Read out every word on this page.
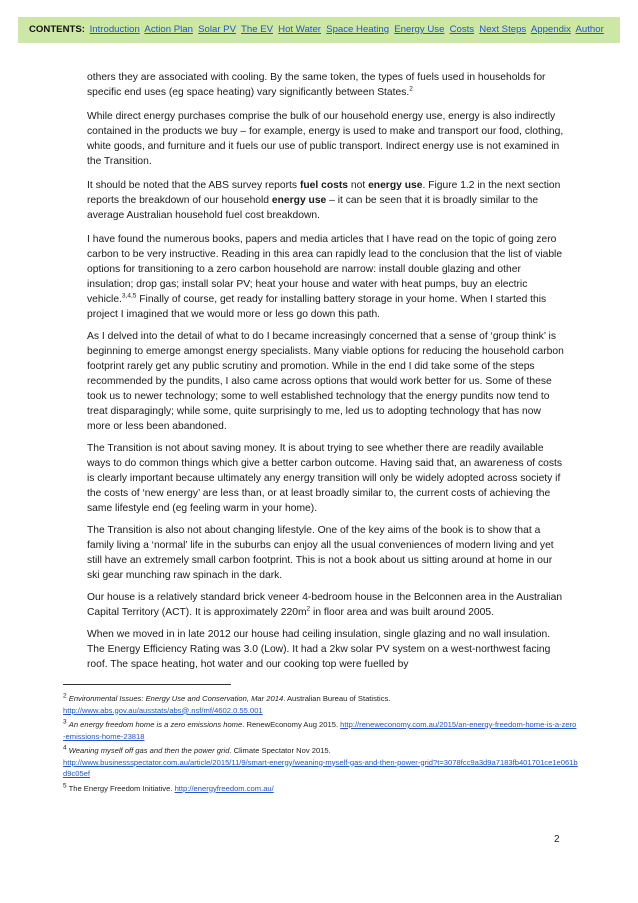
CONTENTS: Introduction Action Plan Solar PV The EV Hot Water Space Heating Energy Use Costs Next Steps Appendix Author

others they are associated with cooling. By the same token, the types of fuels used in households for specific end uses (eg space heating) vary significantly between States.$^2$

While direct energy purchases comprise the bulk of our household energy use, energy is also indirectly contained in the products we buy – for example, energy is used to make and transport our food, clothing, white goods, and furniture and it fuels our use of public transport. Indirect energy use is not examined in the Transition.

It should be noted that the ABS survey reports fuel costs not energy use. Figure 1.2 in the next section reports the breakdown of our household energy use – it can be seen that it is broadly similar to the average Australian household fuel cost breakdown.

I have found the numerous books, papers and media articles that I have read on the topic of going zero carbon to be very instructive. Reading in this area can rapidly lead to the conclusion that the list of viable options for transitioning to a zero carbon household are narrow: install double glazing and other insulation; drop gas; install solar PV; heat your house and water with heat pumps, buy an electric vehicle.$^{3,4,5}$ Finally of course, get ready for installing battery storage in your home. When I started this project I imagined that we would more or less go down this path.

As I delved into the detail of what to do I became increasingly concerned that a sense of ‘group think’ is beginning to emerge amongst energy specialists. Many viable options for reducing the household carbon footprint rarely get any public scrutiny and promotion. While in the end I did take some of the steps recommended by the pundits, I also came across options that would work better for us. Some of these took us to newer technology; some to well established technology that the energy pundits now tend to treat disparagingly; while some, quite surprisingly to me, led us to adopting technology that has now more or less been abandoned.

The Transition is not about saving money. It is about trying to see whether there are readily available ways to do common things which give a better carbon outcome. Having said that, an awareness of costs is clearly important because ultimately any energy transition will only be widely adopted across society if the costs of ‘new energy’ are less than, or at least broadly similar to, the current costs of achieving the same lifestyle end (eg feeling warm in your home).

The Transition is also not about changing lifestyle. One of the key aims of the book is to show that a family living a ‘normal’ life in the suburbs can enjoy all the usual conveniences of modern living and yet still have an extremely small carbon footprint. This is not a book about us sitting around at home in our ski gear munching raw spinach in the dark.

Our house is a relatively standard brick veneer 4-bedroom house in the Belconnen area in the Australian Capital Territory (ACT). It is approximately $220m^2$ in floor area and was built around 2005.

When we moved in in late 2012 our house had ceiling insulation, single glazing and no wall insulation. The Energy Efficiency Rating was 3.0 (Low). It had a 2kw solar PV system on a west-northwest facing roof. The space heating, hot water and our cooking top were fuelled by

$^2$ Environmental Issues: Energy Use and Conservation, Mar 2014. Australian Bureau of Statistics.
http://www.abs.gov.au/ausstats/abs@.nsf/mf/4602.0.55.001
$^3$ An energy freedom home is a zero emissions home. RenewEconomy Aug 2015. http://reneweconomy.com.au/2015/an-energy-freedom-home-is-a-zero-emissions-home-23818
$^4$ Weaning myself off gas and then the power grid. Climate Spectator Nov 2015.
http://www.businessspectator.com.au/article/2015/11/9/smart-energy/weaning-myself-gas-and-then-power-grid?t=3078fcc9a3d9a7183fb401701ce1e061bd9c05ef
$^5$ The Energy Freedom Initiative. http://energyfreedom.com.au/
2
